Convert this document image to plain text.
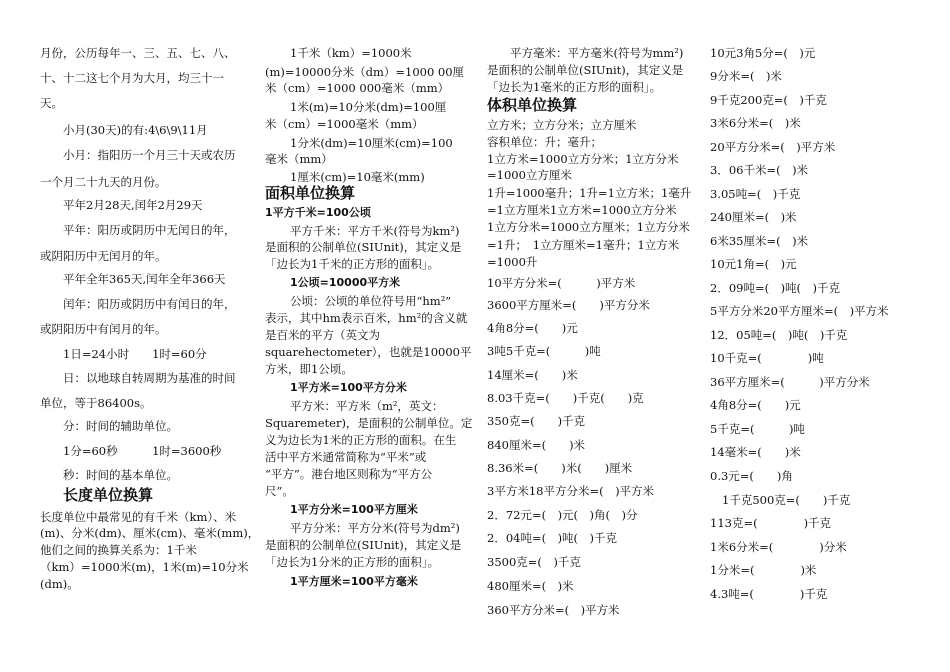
月份，公历每年一、三、五、七、八、
十、十二这七个月为大月，均三十一
天。
小月(30天)的有:4\6\9\11月
小月：指阳历一个月三十天或农历
一个月二十九天的月份。
平年2月28天,闰年2月29天
平年：阳历或阴历中无闰日的年，
或阴阳历中无闰月的年。
平年全年365天,闰年全年366天
闰年：阳历或阴历中有闰日的年，
或阴阳历中有闰月的年。
1日=24小时　　1时=60分
日：以地球自转周期为基准的时间
单位，等于86400s。
分：时间的辅助单位。
1分=60秒　　　1时=3600秒
秒：时间的基本单位。
长度单位换算
长度单位中最常见的有千米（km）、米
(m)、分米(dm)、厘米(cm)、毫米(mm)，
他们之间的换算关系为：1千米
（km）=1000米(m)，1米(m)=10分米
(dm)。
1千米（km）=1000米
(m)=10000分米（dm）=1000 00厘
米（cm）=1000 000毫米（mm）
1米(m)=10分米(dm)=100厘
米（cm）=1000毫米（mm）
1分米(dm)=10厘米(cm)=100
毫米（mm）
1厘米(cm)=10毫米(mm)
面积单位换算
1平方千米=100公顷
平方千米：平方千米(符号为km²)
是面积的公制单位(SIUnit)，其定义是
「边长为1千米的正方形的面积」。
1公顷=10000平方米
公顷：公顷的单位符号用“hm²”
表示，其中hm表示百米，hm²的含义就
是百米的平方（英文为
squarehectometer），也就是10000平
方米，即1公顷。
1平方米=100平方分米
平方米：平方米（m²，英文：
Squaremeter)，是面积的公制单位。定
义为边长为1米的正方形的面积。在生
活中平方米通常简称为“平米”或
“平方”。港台地区则称为“平方公
尺”。
1平方分米=100平方厘米
平方分米：平方分米(符号为dm²)
是面积的公制单位(SIUnit)，其定义是
「边长为1分米的正方形的面积」。
1平方厘米=100平方毫米
平方毫米：平方毫米(符号为mm²)
是面积的公制单位(SIUnit)，其定义是
「边长为1毫米的正方形的面积」。
体积单位换算
立方米；立方分米；立方厘米
容积单位：升；毫升；
1立方米=1000立方分米；1立方分米
=1000立方厘米
1升=1000毫升；1升=1立方米；1毫升
=1立方厘米1立方米=1000立方分米
1立方分米=1000立方厘米；1立方分米
=1升；　1立方厘米=1毫升；1立方米
=1000升
10平方分米=(　　　)平方米
3600平方厘米=(　　)平方分米
4角8分=(　　)元
3吨5千克=(　　　)吨
14厘米=(　　)米
8.03千克=(　　)千克(　　)克
350克=(　　)千克
840厘米=(　　)米
8.36米=(　　)米(　　)厘米
3平方米18平方分米=(　)平方米
2．72元=(　)元(　)角(　)分
2．04吨=(　)吨(　)千克
3500克=(　)千克
480厘米=(　)米
360平方分米=(　)平方米
10元3角5分=(　)元
9分米=(　)米
9千克200克=(　)千克
3米6分米=(　)米
20平方分米=(　)平方米
3．06千米=(　)米
3.05吨=(　)千克
240厘米=(　)米
6米35厘米=(　)米
10元1角=(　)元
2．09吨=(　)吨(　)千克
5平方分米20平方厘米=(　)平方米
12．05吨=(　)吨(　)千克
10千克=(　　　　)吨
36平方厘米=(　　　)平方分米
4角8分=(　　)元
5千克=(　　　)吨
14毫米=(　　)米
0.3元=(　　)角
1千克500克=(　　)千克
113克=(　　　　)千克
1米6分米=(　　　　)分米
1分米=(　　　　)米
4.3吨=(　　　　)千克
